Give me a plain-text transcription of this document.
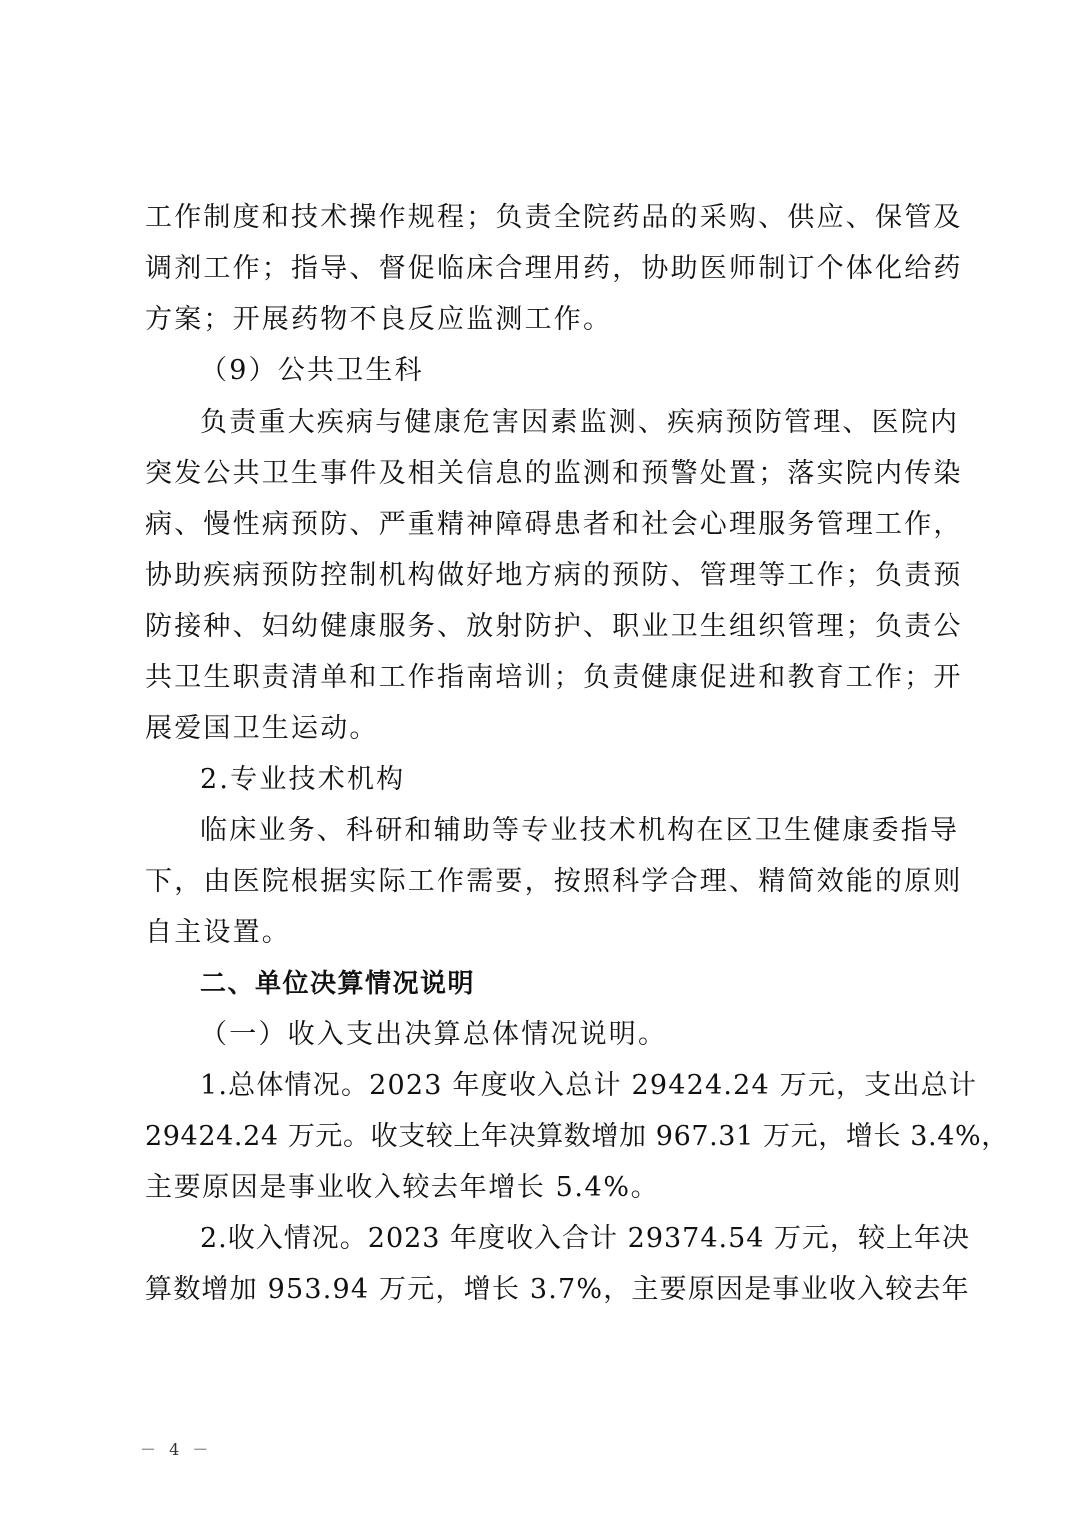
工作制度和技术操作规程；负责全院药品的采购、供应、保管及
调剂工作；指导、督促临床合理用药，协助医师制订个体化给药
方案；开展药物不良反应监测工作。
（9）公共卫生科
负责重大疾病与健康危害因素监测、疾病预防管理、医院内
突发公共卫生事件及相关信息的监测和预警处置；落实院内传染
病、慢性病预防、严重精神障碍患者和社会心理服务管理工作，
协助疾病预防控制机构做好地方病的预防、管理等工作；负责预
防接种、妇幼健康服务、放射防护、职业卫生组织管理；负责公
共卫生职责清单和工作指南培训；负责健康促进和教育工作；开
展爱国卫生运动。
2.专业技术机构
临床业务、科研和辅助等专业技术机构在区卫生健康委指导
下，由医院根据实际工作需要，按照科学合理、精简效能的原则
自主设置。
二、单位决算情况说明
（一）收入支出决算总体情况说明。
1.总体情况。2023 年度收入总计 29424.24 万元，支出总计
29424.24 万元。收支较上年决算数增加 967.31 万元，增长 3.4%，
主要原因是事业收入较去年增长 5.4%。
2.收入情况。2023 年度收入合计 29374.54 万元，较上年决
算数增加 953.94 万元，增长 3.7%，主要原因是事业收入较去年
－ 4 －
